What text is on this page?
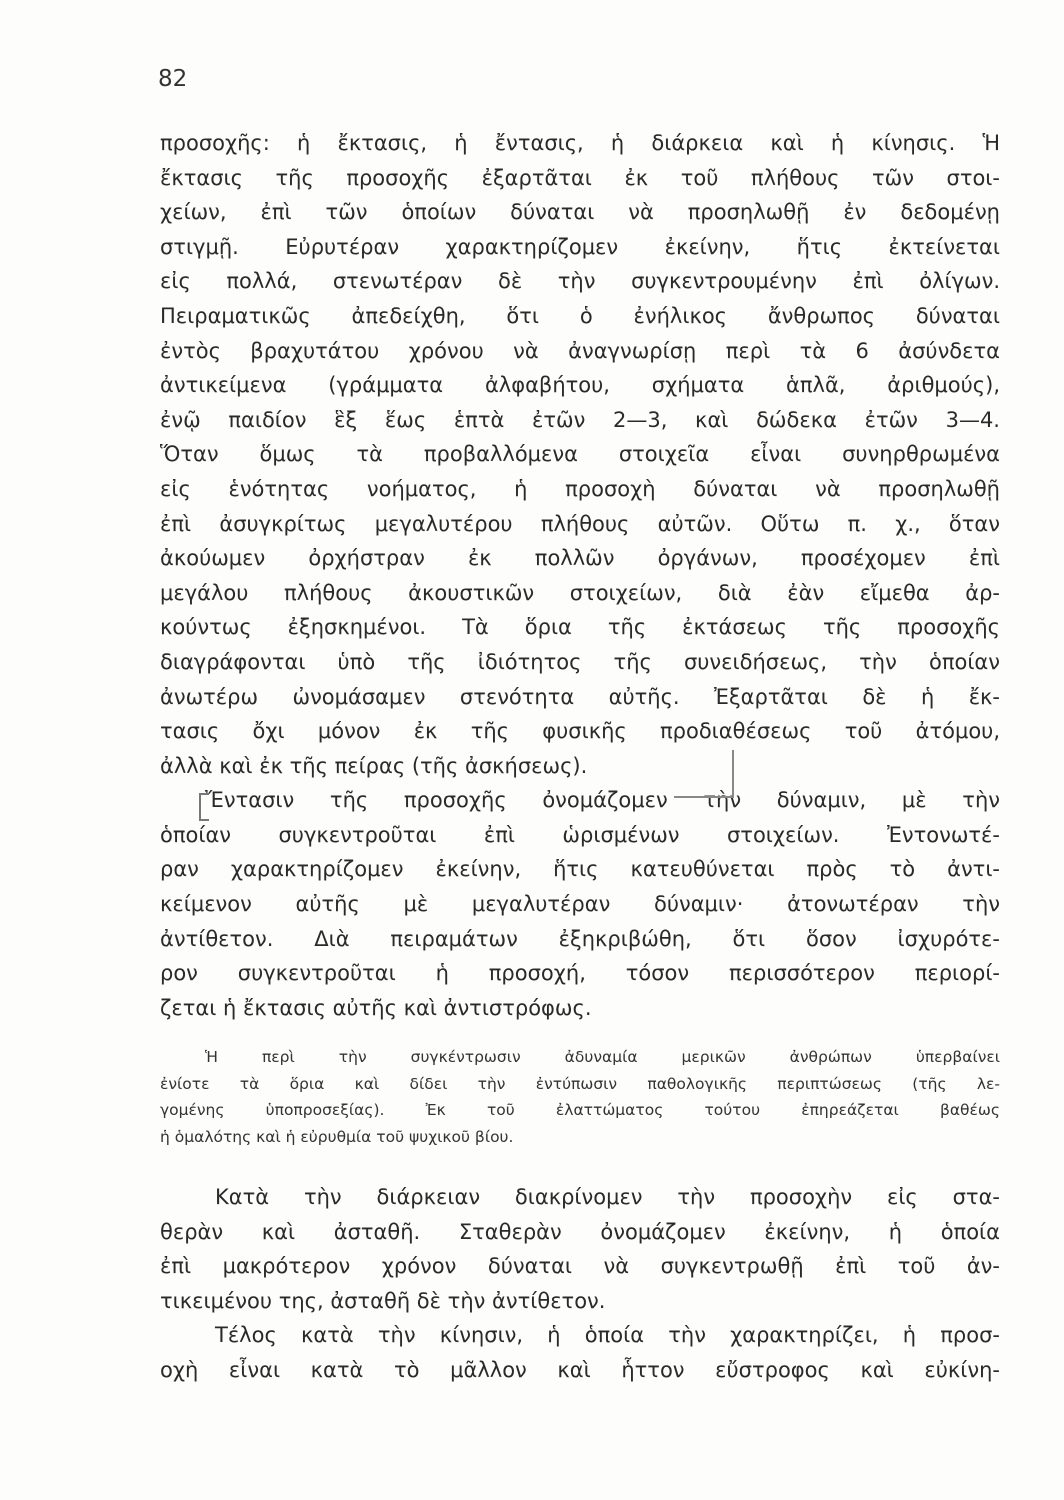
82
προσοχῆς: ἡ ἔκτασις, ἡ ἔντασις, ἡ διάρκεια καὶ ἡ κίνησις. Ἡ
ἔκτασις τῆς προσοχῆς ἐξαρτᾶται ἐκ τοῦ πλήθους τῶν στοι-
χείων, ἐπὶ τῶν ὁποίων δύναται νὰ προσηλωθῇ ἐν δεδομένῃ
στιγμῇ. Εὐρυτέραν χαρακτηρίζομεν ἐκείνην, ἥτις ἐκτείνεται
εἰς πολλά, στενωτέραν δὲ τὴν συγκεντρουμένην ἐπὶ ὀλίγων.
Πειραματικῶς ἀπεδείχθη, ὅτι ὁ ἐνήλικος ἄνθρωπος δύναται
ἐντὸς βραχυτάτου χρόνου νὰ ἀναγνωρίσῃ περὶ τὰ 6 ἀσύνδετα
ἀντικείμενα (γράμματα ἀλφαβήτου, σχήματα ἁπλᾶ, ἀριθμούς),
ἐνῷ παιδίον ἓξ ἕως ἑπτὰ ἐτῶν 2—3, καὶ δώδεκα ἐτῶν 3—4.
Ὅταν ὅμως τὰ προβαλλόμενα στοιχεῖα εἶναι συνηρθρωμένα
εἰς ἑνότητας νοήματος, ἡ προσοχὴ δύναται νὰ προσηλωθῇ
ἐπὶ ἀσυγκρίτως μεγαλυτέρου πλήθους αὐτῶν. Οὕτω π. χ., ὅταν
ἀκούωμεν ὀρχήστραν ἐκ πολλῶν ὀργάνων, προσέχομεν ἐπὶ
μεγάλου πλήθους ἀκουστικῶν στοιχείων, διὰ ἐὰν εἴμεθα ἀρ-
κούντως ἐξησκημένοι. Τὰ ὅρια τῆς ἐκτάσεως τῆς προσοχῆς
διαγράφονται ὑπὸ τῆς ἰδιότητος τῆς συνειδήσεως, τὴν ὁποίαν
ἀνωτέρω ὠνομάσαμεν στενότητα αὐτῆς. Ἐξαρτᾶται δὲ ἡ ἔκ-
τασις ὄχι μόνον ἐκ τῆς φυσικῆς προδιαθέσεως τοῦ ἀτόμου,
ἀλλὰ καὶ ἐκ τῆς πείρας (τῆς ἀσκήσεως).
Ἔντασιν τῆς προσοχῆς ὀνομάζομεν τὴν δύναμιν, μὲ τὴν
ὁποίαν συγκεντροῦται ἐπὶ ὡρισμένων στοιχείων. Ἐντονωτέ-
ραν χαρακτηρίζομεν ἐκείνην, ἥτις κατευθύνεται πρὸς τὸ ἀντι-
κείμενον αὐτῆς μὲ μεγαλυτέραν δύναμιν· ἀτονωτέραν τὴν
ἀντίθετον. Διὰ πειραμάτων ἐξηκριβώθη, ὅτι ὅσον ἰσχυρότε-
ρον συγκεντροῦται ἡ προσοχή, τόσον περισσότερον περιορί-
ζεται ἡ ἔκτασις αὐτῆς καὶ ἀντιστρόφως.
Ἡ περὶ τὴν συγκέντρωσιν ἀδυναμία μερικῶν ἀνθρώπων ὑπερβαίνει
ἐνίοτε τὰ ὅρια καὶ δίδει τὴν ἐντύπωσιν παθολογικῆς περιπτώσεως (τῆς λε-
γομένης ὑποπροσεξίας). Ἐκ τοῦ ἐλαττώματος τούτου ἐπηρεάζεται βαθέως
ἡ ὁμαλότης καὶ ἡ εὐρυθμία τοῦ ψυχικοῦ βίου.
Κατὰ τὴν διάρκειαν διακρίνομεν τὴν προσοχὴν εἰς στα-
θερὰν καὶ ἀσταθῆ. Σταθερὰν ὀνομάζομεν ἐκείνην, ἡ ὁποία
ἐπὶ μακρότερον χρόνον δύναται νὰ συγκεντρωθῇ ἐπὶ τοῦ ἀν-
τικειμένου της, ἀσταθῆ δὲ τὴν ἀντίθετον.
Τέλος κατὰ τὴν κίνησιν, ἡ ὁποία τὴν χαρακτηρίζει, ἡ προσ-
οχὴ εἶναι κατὰ τὸ μᾶλλον καὶ ἧττον εὔστροφος καὶ εὐκίνη-
